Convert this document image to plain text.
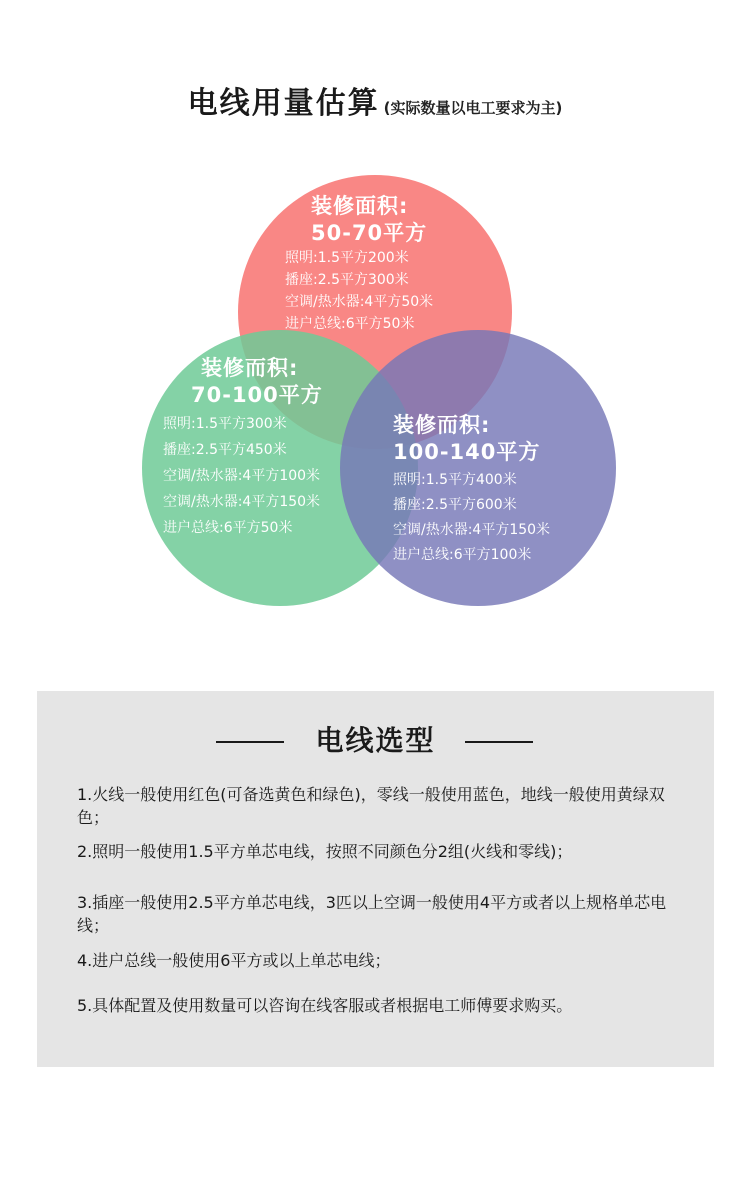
电线用量估算 (实际数量以电工要求为主)
装修面积:
50-70平方
照明:1.5平方200米
播座:2.5平方300米
空调/热水器:4平方50米
进户总线:6平方50米
装修而积:
70-100平方
照明:1.5平方300米
播座:2.5平方450米
空调/热水器:4平方100米
空调/热水器:4平方150米
进户总线:6平方50米
装修而积:
100-140平方
照明:1.5平方400米
播座:2.5平方600米
空调/热水器:4平方150米
进户总线:6平方100米
电线选型
1.火线一般使用红色(可备选黄色和绿色)，零线一般使用蓝色，地线一般使用黄绿双色；
2.照明一般使用1.5平方单芯电线，按照不同颜色分2组(火线和零线)；
3.插座一般使用2.5平方单芯电线，3匹以上空调一般使用4平方或者以上规格单芯电线；
4.进户总线一般使用6平方或以上单芯电线；
5.具体配置及使用数量可以咨询在线客服或者根据电工师傅要求购买。
